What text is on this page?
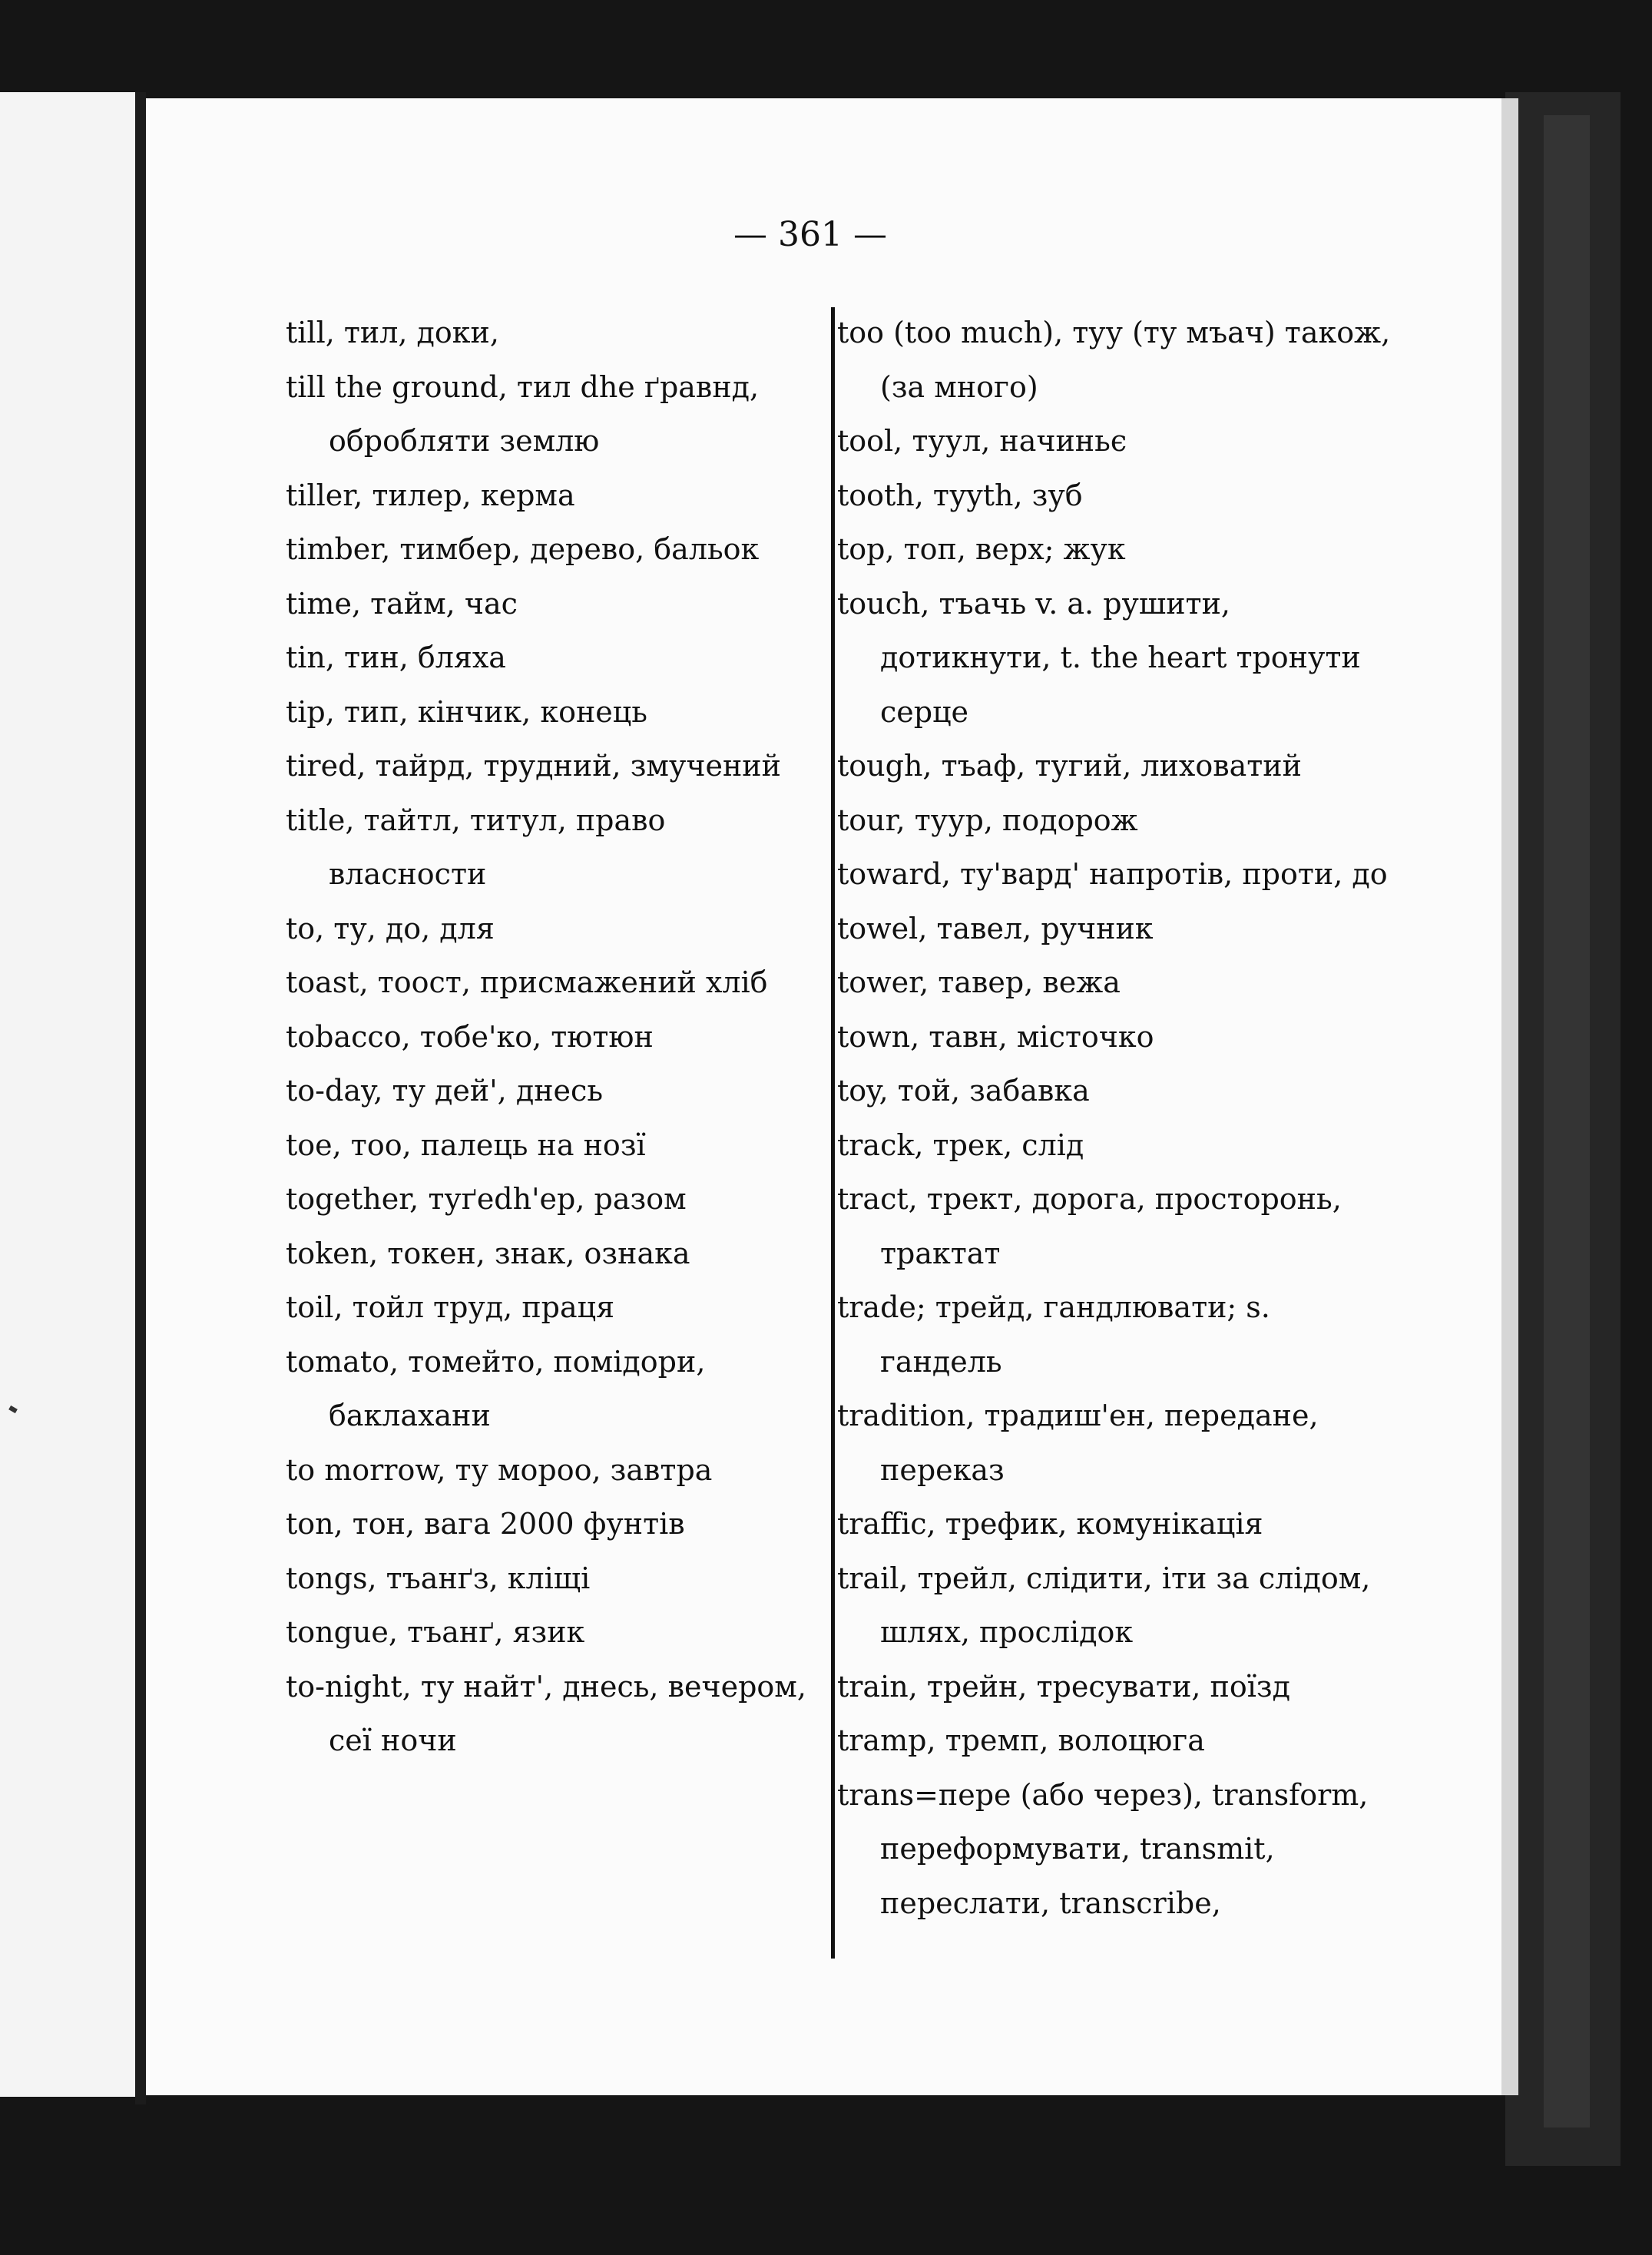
— 361 —
till, тил, доки,
till the ground, тил dhe ґравнд, обробляти землю
tiller, тилер, керма
timber, тимбер, дерево, бальок
time, тайм, час
tin, тин, бляха
tip, тип, кінчик, конець
tired, тайрд, трудний, змучений
title, тайтл, титул, право власности
to, ту, до, для
toast, тоост, присмажений хліб
tobacco, тобе'ко, тютюн
to-day, ту дей', днесь
toe, тоо, палець на нозї
together, туґedh'ер, разом
token, токен, знак, ознака
toil, тойл труд, праця
tomato, томейто, помідори, баклахани
to morrow, ту мороо, завтра
ton, тон, вага 2000 фунтів
tongs, тъанґз, кліщі
tongue, тъанґ, язик
to-night, ту найт', днесь, вечером, сеї ночи
too (too much), туу (ту мъач) також, (за много)
tool, туул, начиньє
tooth, туyth, зуб
top, топ, верх; жук
touch, тъачь v. a. рушити, дотикнути, t. the heart тронути серце
tough, тъаф, тугий, лиховатий
tour, туур, подорож
toward, ту'вард' напротів, проти, до
towel, тавел, ручник
tower, тавер, вежа
town, тавн, місточко
toy, той, забавка
track, трек, слід
tract, трект, дорога, просторонь, трактат
trade; трейд, гандлювати; s. гандель
tradition, традиш'ен, передане, переказ
traffic, трефик, комунікація
trail, трейл, слідити, іти за слідом, шлях, прослідок
train, трейн, тресувати, поїзд
tramp, тремп, волоцюга
trans=пере (або через), transform, переформувати, transmit, переслати, transcribe,
